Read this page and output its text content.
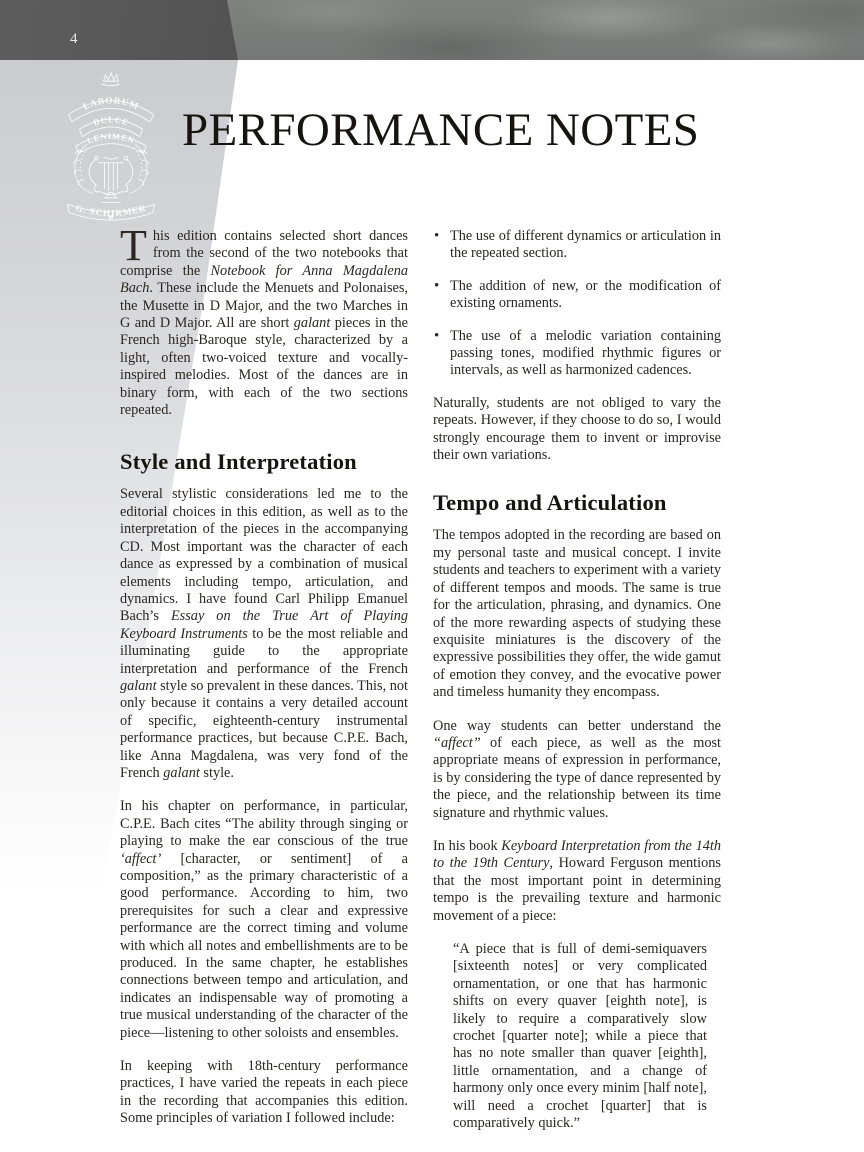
4
LABORUM
DULCE
LENIMEN
G. SCHIRMER
PERFORMANCE NOTES

This edition contains selected short dances from the second of the two notebooks that comprise the Notebook for Anna Magdalena Bach. These include the Menuets and Polonaises, the Musette in D Major, and the two Marches in G and D Major. All are short galant pieces in the French high-Baroque style, characterized by a light, often two-voiced texture and vocally-inspired melodies. Most of the dances are in binary form, with each of the two sections repeated.

Style and Interpretation

Several stylistic considerations led me to the editorial choices in this edition, as well as to the interpretation of the pieces in the accompanying CD. Most important was the character of each dance as expressed by a combination of musical elements including tempo, articulation, and dynamics. I have found Carl Philipp Emanuel Bach’s Essay on the True Art of Playing Keyboard Instruments to be the most reliable and illuminating guide to the appropriate interpretation and performance of the French galant style so prevalent in these dances. This, not only because it contains a very detailed account of specific, eighteenth-century instrumental performance practices, but because C.P.E. Bach, like Anna Magdalena, was very fond of the French galant style.

In his chapter on performance, in particular, C.P.E. Bach cites “The ability through singing or playing to make the ear conscious of the true ‘affect’ [character, or sentiment] of a composition,” as the primary characteristic of a good performance. According to him, two prerequisites for such a clear and expressive performance are the correct timing and volume with which all notes and embellishments are to be produced. In the same chapter, he establishes connections between tempo and articulation, and indicates an indispensable way of promoting a true musical understanding of the character of the piece—listening to other soloists and ensembles.

In keeping with 18th-century performance practices, I have varied the repeats in each piece in the recording that accompanies this edition. Some principles of variation I followed include:

• The use of different dynamics or articulation in the repeated section.
• The addition of new, or the modification of existing ornaments.
• The use of a melodic variation containing passing tones, modified rhythmic figures or intervals, as well as harmonized cadences.

Naturally, students are not obliged to vary the repeats. However, if they choose to do so, I would strongly encourage them to invent or improvise their own variations.

Tempo and Articulation

The tempos adopted in the recording are based on my personal taste and musical concept. I invite students and teachers to experiment with a variety of different tempos and moods. The same is true for the articulation, phrasing, and dynamics. One of the more rewarding aspects of studying these exquisite miniatures is the discovery of the expressive possibilities they offer, the wide gamut of emotion they convey, and the evocative power and timeless humanity they encompass.

One way students can better understand the “affect” of each piece, as well as the most appropriate means of expression in performance, is by considering the type of dance represented by the piece, and the relationship between its time signature and rhythmic values.

In his book Keyboard Interpretation from the 14th to the 19th Century, Howard Ferguson mentions that the most important point in determining tempo is the prevailing texture and harmonic movement of a piece:

“A piece that is full of demi-semiquavers [sixteenth notes] or very complicated ornamentation, or one that has harmonic shifts on every quaver [eighth note], is likely to require a comparatively slow crochet [quarter note]; while a piece that has no note smaller than quaver [eighth], little ornamentation, and a change of harmony only once every minim [half note], will need a crochet [quarter] that is comparatively quick.”
